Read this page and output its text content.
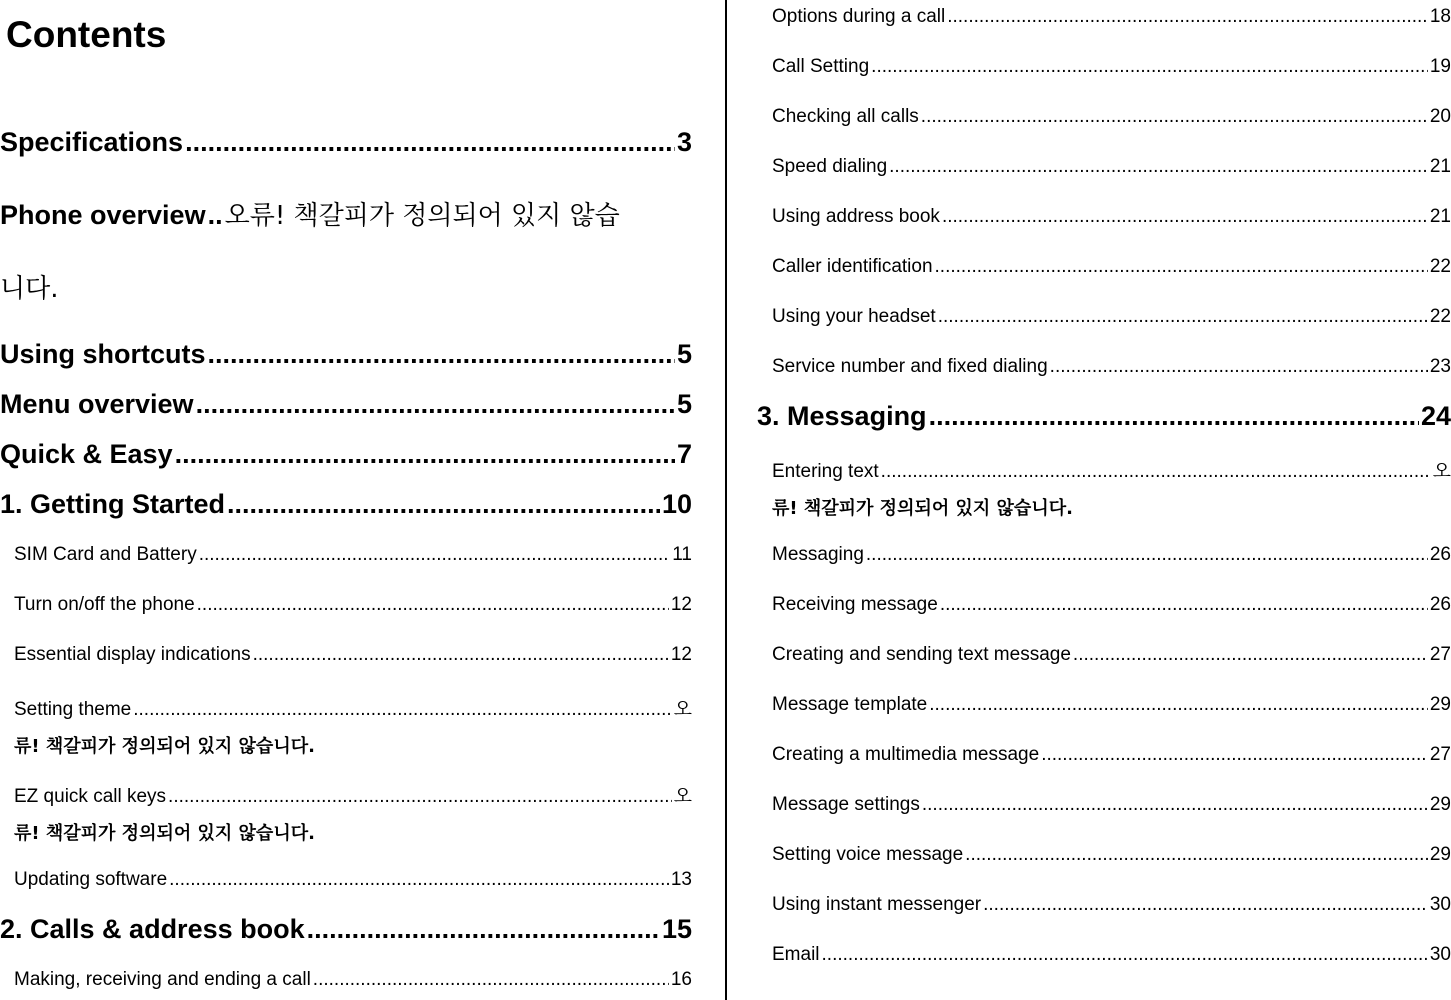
Contents
Specifications .....	3
Phone overview .. 오류! 책갈피가 정의되어 있지 않습
니다.
Using shortcuts .....	5
Menu overview .....	5
Quick & Easy .....	7
1. Getting Started .....	10
SIM Card and Battery .....	11
Turn on/off the phone .....	12
Essential display indications .....	12
Setting theme .....	오
류! 책갈피가 정의되어 있지 않습니다.
EZ quick call keys .....	오
류! 책갈피가 정의되어 있지 않습니다.
Updating software .....	13
2. Calls & address book .....	15
Making, receiving and ending a call .....	16
Options during a call .....	18
Call Setting .....	19
Checking all calls .....	20
Speed dialing .....	21
Using address book .....	21
Caller identification .....	22
Using your headset .....	22
Service number and fixed dialing .....	23
3. Messaging .....	24
Entering text .....	오
류! 책갈피가 정의되어 있지 않습니다.
Messaging .....	26
Receiving message .....	26
Creating and sending text message .....	27
Message template .....	29
Creating a multimedia message .....	27
Message settings .....	29
Setting voice message .....	29
Using instant messenger .....	30
Email .....	30
